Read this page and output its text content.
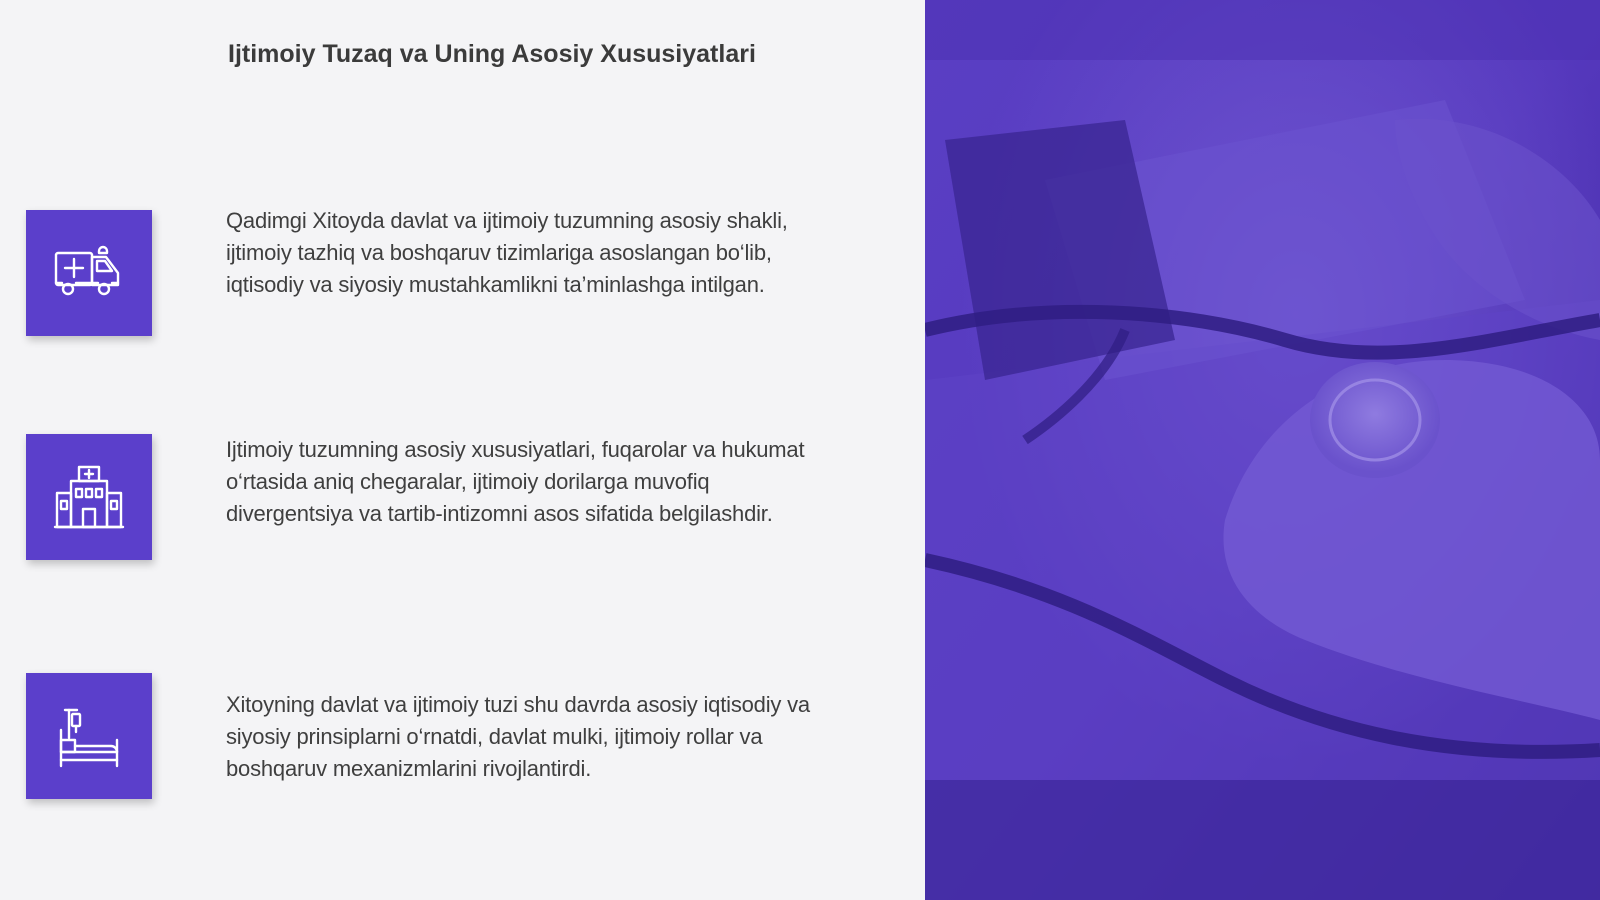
Ijtimoiy Tuzaq va Uning Asosiy Xususiyatlari

Qadimgi Xitoyda davlat va ijtimoiy tuzumning asosiy shakli, ijtimoiy tazhiq va boshqaruv tizimlariga asoslangan bo‘lib, iqtisodiy va siyosiy mustahkamlikni ta’minlashga intilgan.

Ijtimoiy tuzumning asosiy xususiyatlari, fuqarolar va hukumat o‘rtasida aniq chegaralar, ijtimoiy dorilarga muvofiq divergentsiya va tartib-intizomni asos sifatida belgilashdir.

Xitoyning davlat va ijtimoiy tuzi shu davrda asosiy iqtisodiy va siyosiy prinsiplarni o‘rnatdi, davlat mulki, ijtimoiy rollar va boshqaruv mexanizmlarini rivojlantirdi.
